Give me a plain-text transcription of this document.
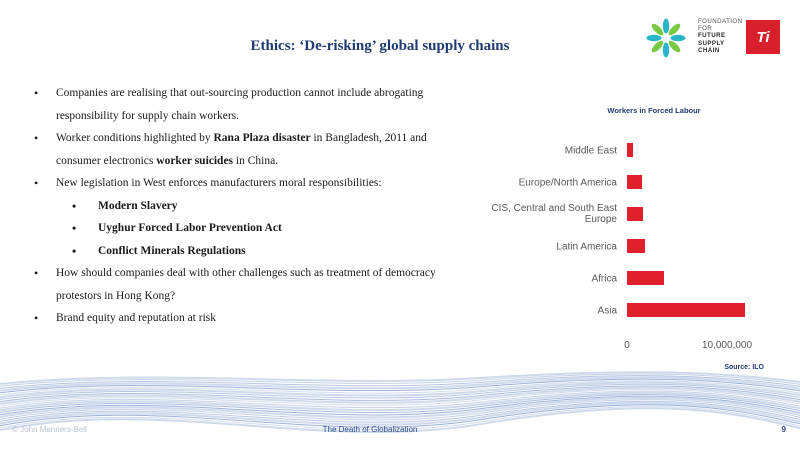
Ethics: ‘De-risking’ global supply chains
FOUNDATION
FOR
FUTURE
SUPPLY
CHAIN
Ti
• Companies are realising that out-sourcing production cannot include abrogating responsibility for supply chain workers.
• Worker conditions highlighted by Rana Plaza disaster in Bangladesh, 2011 and consumer electronics worker suicides in China.
• New legislation in West enforces manufacturers moral responsibilities:
• Modern Slavery
• Uyghur Forced Labor Prevention Act
• Conflict Minerals Regulations
• How should companies deal with other challenges such as treatment of democracy protestors in Hong Kong?
• Brand equity and reputation at risk
Workers in Forced Labour
Middle East
Europe/North America
CIS, Central and South East Europe
Latin America
Africa
Asia
0	10,000,000
Source: ILO
© John Manners-Bell	The Death of Globalization	9
